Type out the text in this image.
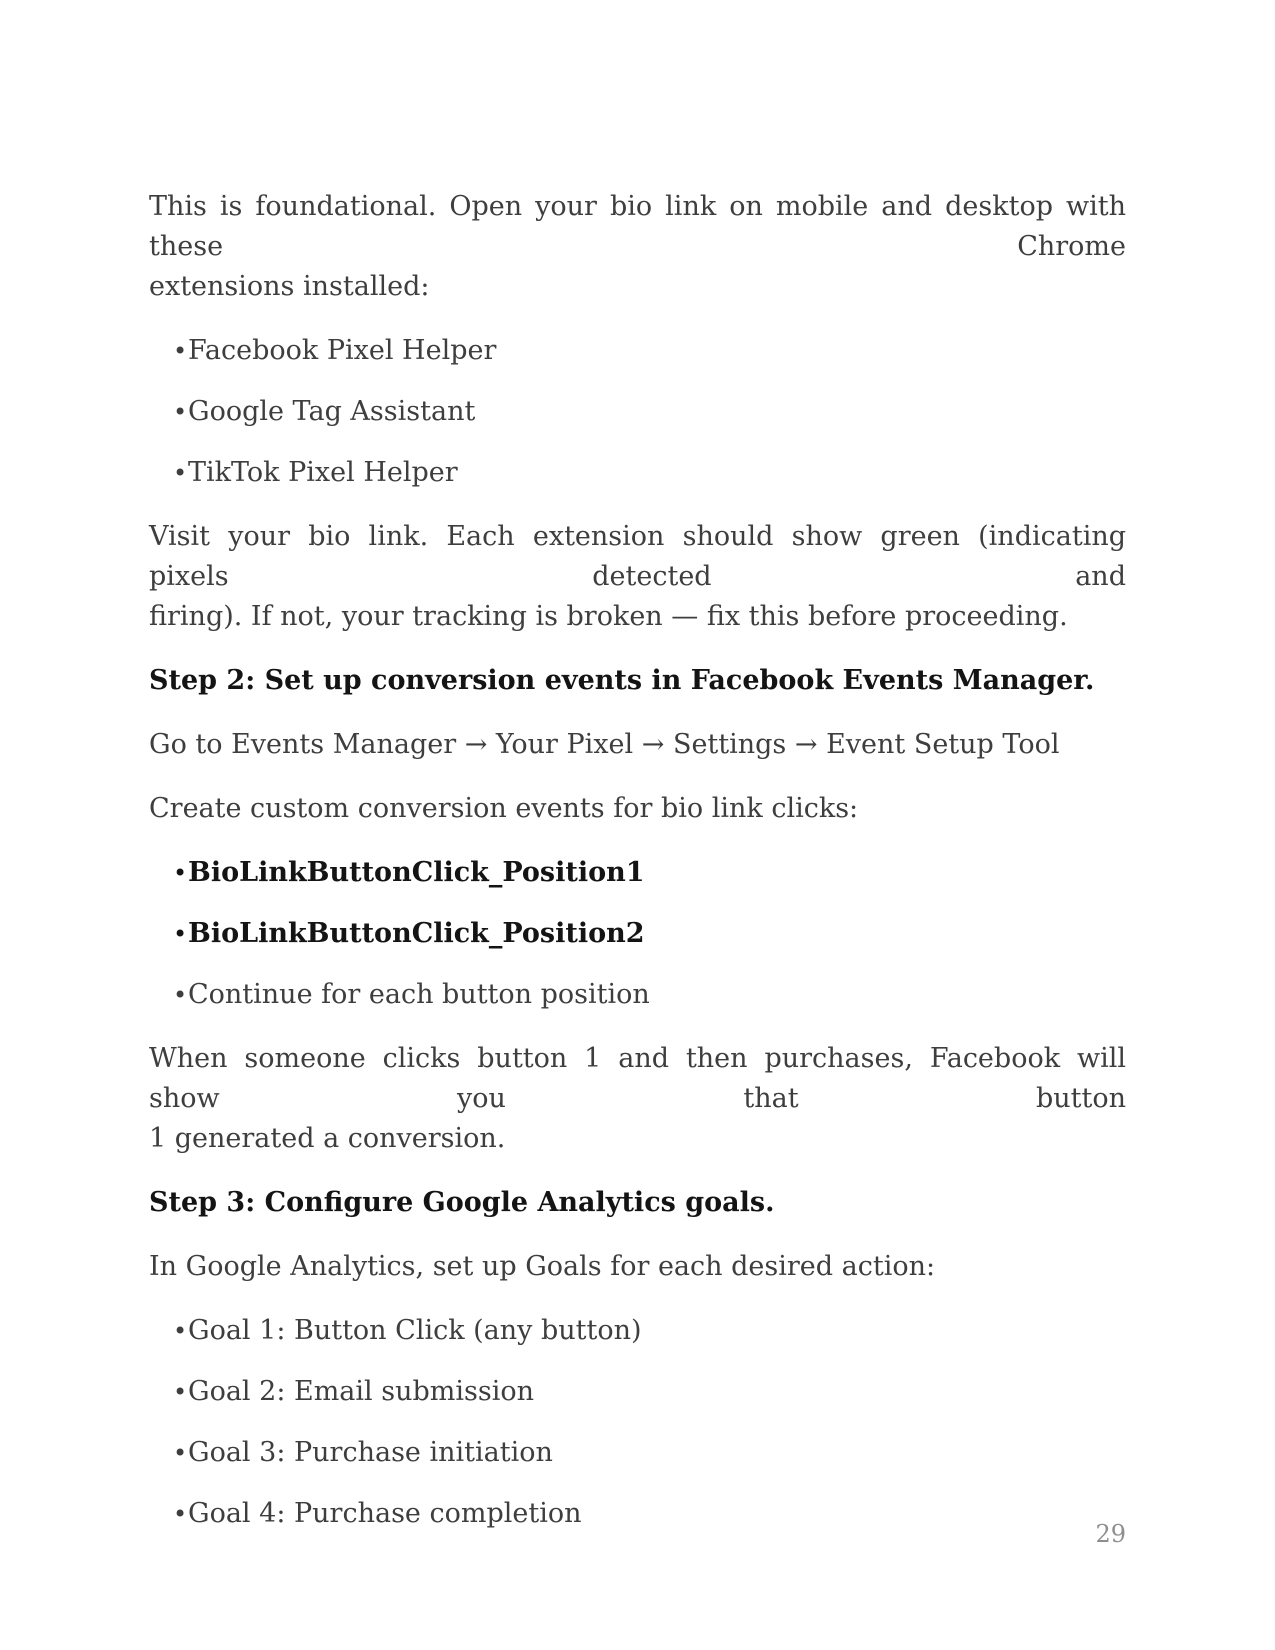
This is foundational. Open your bio link on mobile and desktop with these Chrome
extensions installed:
• Facebook Pixel Helper
• Google Tag Assistant
• TikTok Pixel Helper
Visit your bio link. Each extension should show green (indicating pixels detected and
firing). If not, your tracking is broken — fix this before proceeding.
Step 2: Set up conversion events in Facebook Events Manager.
Go to Events Manager → Your Pixel → Settings → Event Setup Tool
Create custom conversion events for bio link clicks:
• BioLinkButtonClick_Position1
• BioLinkButtonClick_Position2
• Continue for each button position
When someone clicks button 1 and then purchases, Facebook will show you that button
1 generated a conversion.
Step 3: Configure Google Analytics goals.
In Google Analytics, set up Goals for each desired action:
• Goal 1: Button Click (any button)
• Goal 2: Email submission
• Goal 3: Purchase initiation
• Goal 4: Purchase completion
29
